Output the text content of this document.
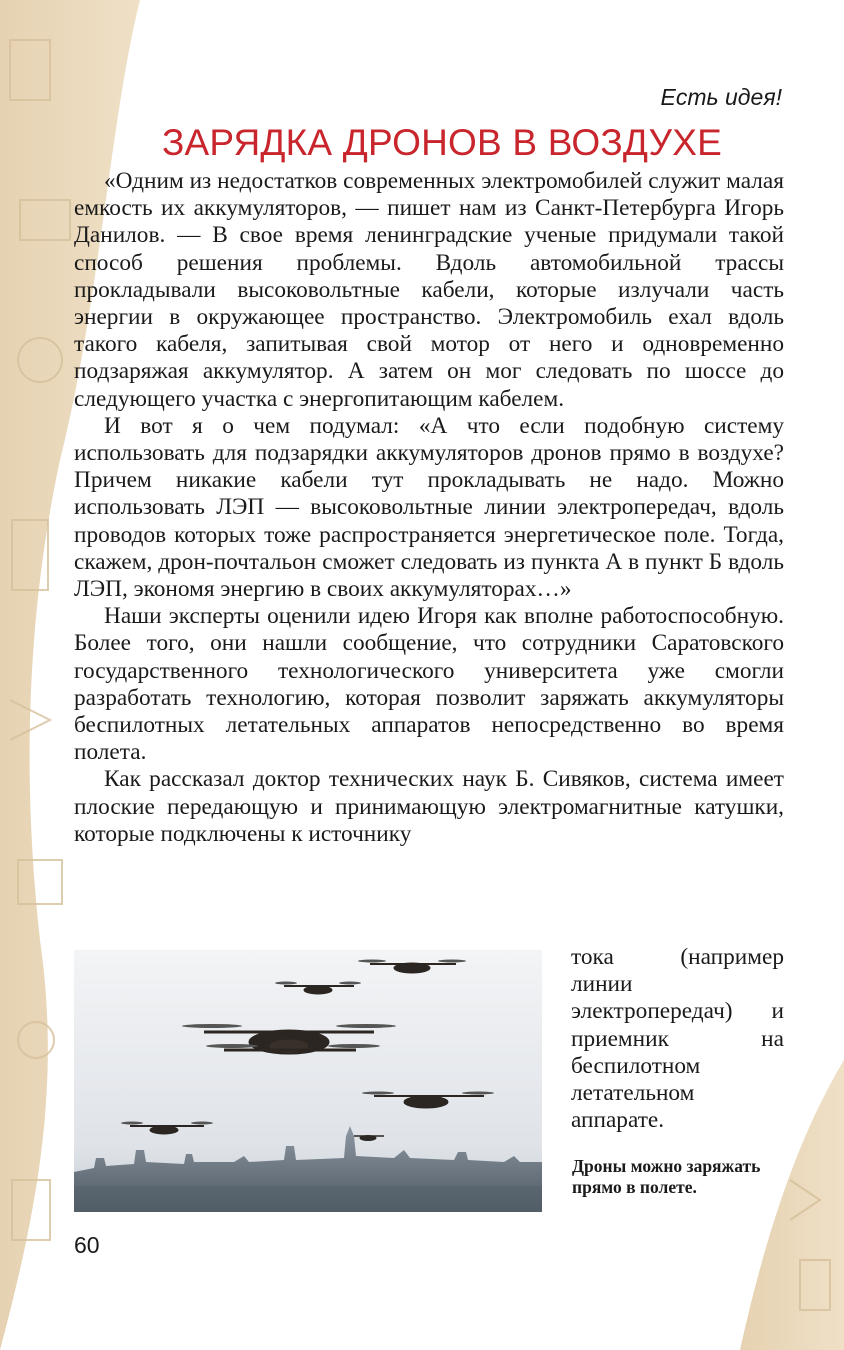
Есть идея!
ЗАРЯДКА ДРОНОВ В ВОЗДУХЕ

«Одним из недостатков современных электромобилей служит малая емкость их аккумуляторов, — пишет нам из Санкт-Петербурга Игорь Данилов. — В свое время ленинградские ученые придумали такой способ решения проблемы. Вдоль автомобильной трассы прокладывали высоковольтные кабели, которые излучали часть энергии в окружающее пространство. Электромобиль ехал вдоль такого кабеля, запитывая свой мотор от него и одновременно подзаряжая аккумулятор. А затем он мог следовать по шоссе до следующего участка с энергопитающим кабелем.

И вот я о чем подумал: «А что если подобную систему использовать для подзарядки аккумуляторов дронов прямо в воздухе? Причем никакие кабели тут прокладывать не надо. Можно использовать ЛЭП — высоковольтные линии электропередач, вдоль проводов которых тоже распространяется энергетическое поле. Тогда, скажем, дрон-почтальон сможет следовать из пункта А в пункт Б вдоль ЛЭП, экономя энергию в своих аккумуляторах…»

Наши эксперты оценили идею Игоря как вполне работоспособную. Более того, они нашли сообщение, что сотрудники Саратовского государственного технологического университета уже смогли разработать технологию, которая позволит заряжать аккумуляторы беспилотных летательных аппаратов непосредственно во время полета.

Как рассказал доктор технических наук Б. Сивяков, система имеет плоские передающую и принимающую электромагнитные катушки, которые подключены к источнику

тока (например линии электропередач) и приемник на беспилотном летательном аппарате.

Дроны можно заряжать прямо в полете.
60
